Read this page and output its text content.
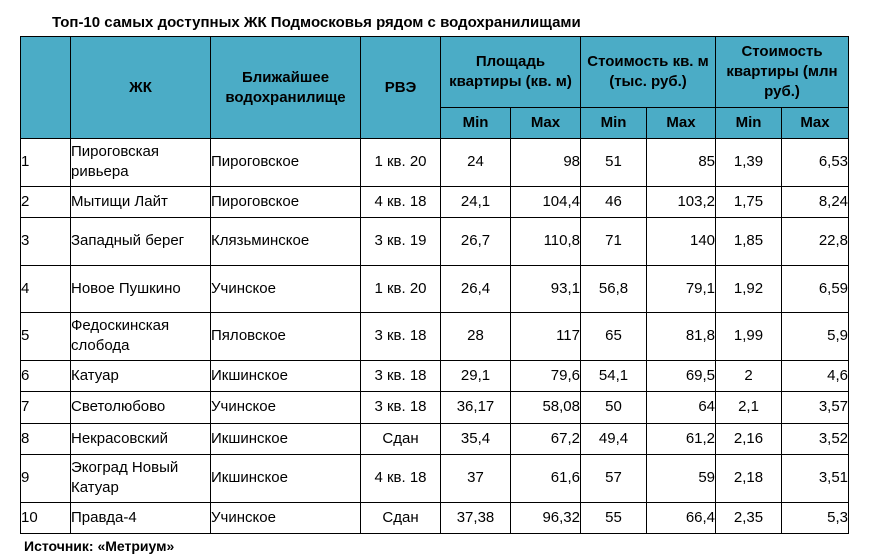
Топ-10 самых доступных ЖК Подмосковья рядом с водохранилищами
	ЖК	Ближайшее водохранилище	РВЭ	Площадь квартиры (кв. м)		Стоимость кв. м (тыс. руб.)		Стоимость квартиры (млн руб.)	
				Min	Max	Min	Max	Min	Max
1	Пироговская ривьера	Пироговское	1 кв. 20	24	98	51	85	1,39	6,53
2	Мытищи Лайт	Пироговское	4 кв. 18	24,1	104,4	46	103,2	1,75	8,24
3	Западный берег	Клязьминское	3 кв. 19	26,7	110,8	71	140	1,85	22,8
4	Новое Пушкино	Учинское	1 кв. 20	26,4	93,1	56,8	79,1	1,92	6,59
5	Федоскинская слобода	Пяловское	3 кв. 18	28	117	65	81,8	1,99	5,9
6	Катуар	Икшинское	3 кв. 18	29,1	79,6	54,1	69,5	2	4,6
7	Светолюбово	Учинское	3 кв. 18	36,17	58,08	50	64	2,1	3,57
8	Некрасовский	Икшинское	Сдан	35,4	67,2	49,4	61,2	2,16	3,52
9	Экоград Новый Катуар	Икшинское	4 кв. 18	37	61,6	57	59	2,18	3,51
10	Правда-4	Учинское	Сдан	37,38	96,32	55	66,4	2,35	5,3
Источник: «Метриум»
